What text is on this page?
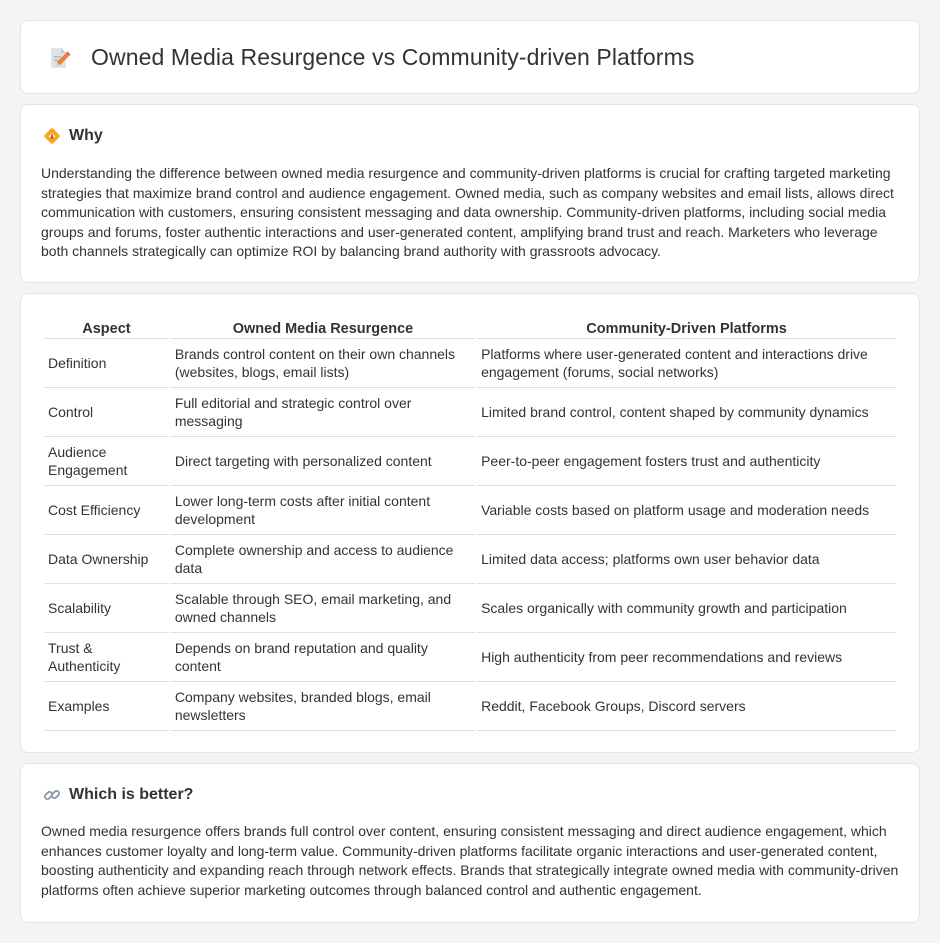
Owned Media Resurgence vs Community-driven Platforms
Why

Understanding the difference between owned media resurgence and community-driven platforms is crucial for crafting targeted marketing strategies that maximize brand control and audience engagement. Owned media, such as company websites and email lists, allows direct communication with customers, ensuring consistent messaging and data ownership. Community-driven platforms, including social media groups and forums, foster authentic interactions and user-generated content, amplifying brand trust and reach. Marketers who leverage both channels strategically can optimize ROI by balancing brand authority with grassroots advocacy.

Aspect	Owned Media Resurgence	Community-Driven Platforms
Definition	Brands control content on their own channels (websites, blogs, email lists)	Platforms where user-generated content and interactions drive engagement (forums, social networks)
Control	Full editorial and strategic control over messaging	Limited brand control, content shaped by community dynamics
Audience Engagement	Direct targeting with personalized content	Peer-to-peer engagement fosters trust and authenticity
Cost Efficiency	Lower long-term costs after initial content development	Variable costs based on platform usage and moderation needs
Data Ownership	Complete ownership and access to audience data	Limited data access; platforms own user behavior data
Scalability	Scalable through SEO, email marketing, and owned channels	Scales organically with community growth and participation
Trust & Authenticity	Depends on brand reputation and quality content	High authenticity from peer recommendations and reviews
Examples	Company websites, branded blogs, email newsletters	Reddit, Facebook Groups, Discord servers
Which is better?

Owned media resurgence offers brands full control over content, ensuring consistent messaging and direct audience engagement, which enhances customer loyalty and long-term value. Community-driven platforms facilitate organic interactions and user-generated content, boosting authenticity and expanding reach through network effects. Brands that strategically integrate owned media with community-driven platforms often achieve superior marketing outcomes through balanced control and authentic engagement.
